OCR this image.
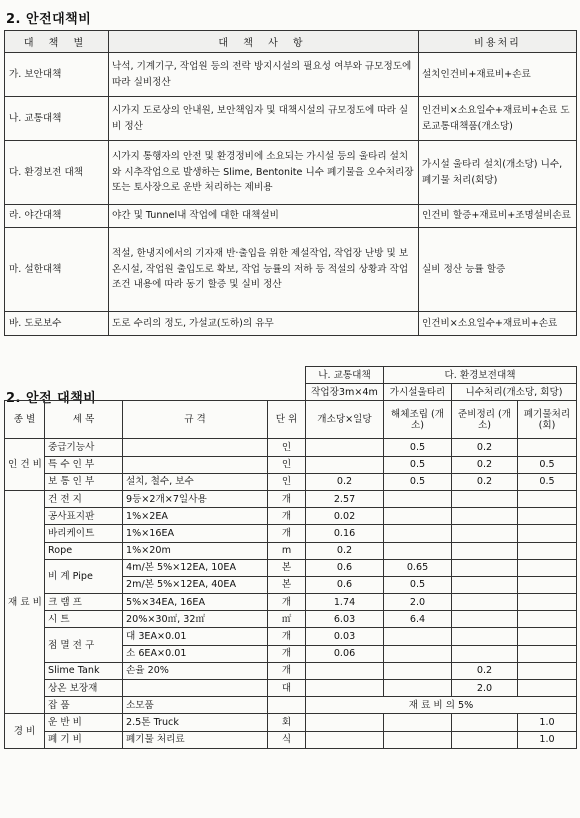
2. 안전대책비
대 책 별	대 책 사 항	비용처리
가. 보안대책	낙석, 기계기구, 작업원 등의 전락 방지시설의 필요성 여부와 규모정도에 따라 실비정산	설치인건비+재료비+손료
나. 교통대책	시가지 도로상의 안내원, 보안책임자 및 대책시설의 규모정도에 따라 실비 정산	인건비×소요일수+재료비+손료 도로교통대책품(개소당)
다. 환경보전 대책	시가지 통행자의 안전 및 환경정비에 소요되는 가시설 등의 울타리 설치와 시추작업으로 발생하는 Slime, Bentonite 니수 폐기물을 오수처리장 또는 토사장으로 운반 처리하는 제비용	가시설 울타리 설치(개소당) 니수, 폐기물 처리(회당)
라. 야간대책	야간 및 Tunnel내 작업에 대한 대책설비	인건비 할증+재료비+조명설비손료
마. 설한대책	적설, 한냉지에서의 기자재 반·출입을 위한 제설작업, 작업장 난방 및 보온시설, 작업원 출입도로 확보, 작업 능률의 저하 등 적설의 상황과 작업조건 내용에 따라 동기 할증 및 실비 정산	실비 정산 능률 할증
바. 도로보수	도로 수리의 정도, 가설교(도하)의 유무	인건비×소요일수+재료비+손료
2. 안전 대책비
				나. 교통대책	다. 환경보전대책		
				작업장3m×4m	가시설울타리	니수처리(개소당, 회당)	
종 별	세 목	규 격	단 위	개소당×일당	해체조립 (개소)	준비정리 (개소)	폐기물처리 (회)
인 건 비	중급기능사		인		0.5	0.2	
	특 수 인 부		인		0.5	0.2	0.5
	보 통 인 부	설치, 철수, 보수	인	0.2	0.5	0.2	0.5
재 료 비	건 전 지	9등×2개×7일사용	개	2.57			
	공사표지판	1%×2EA	개	0.02			
	바리케이트	1%×16EA	개	0.16			
	Rope	1%×20m	m	0.2			
	비 계 Pipe	4m/본 5%×12EA, 10EA	본	0.6	0.65		

		2m/본 5%×12EA, 40EA	본	0.6	0.5		

	크 램 프	5%×34EA, 16EA	개	1.74	2.0		
	시 트	20%×30㎡, 32㎡	㎡	6.03	6.4		
	점 멸 전 구	대 3EA×0.01	개	0.03			
		소 6EA×0.01	개	0.06			
	Slime Tank	손율 20%	개			0.2	
	상온 보장재		대			2.0	
	잡 품	소모품		재 료 비 의 5%			

경 비	운 반 비	2.5톤 Truck	회				1.0
	폐 기 비	폐기물 처리료	식				1.0
